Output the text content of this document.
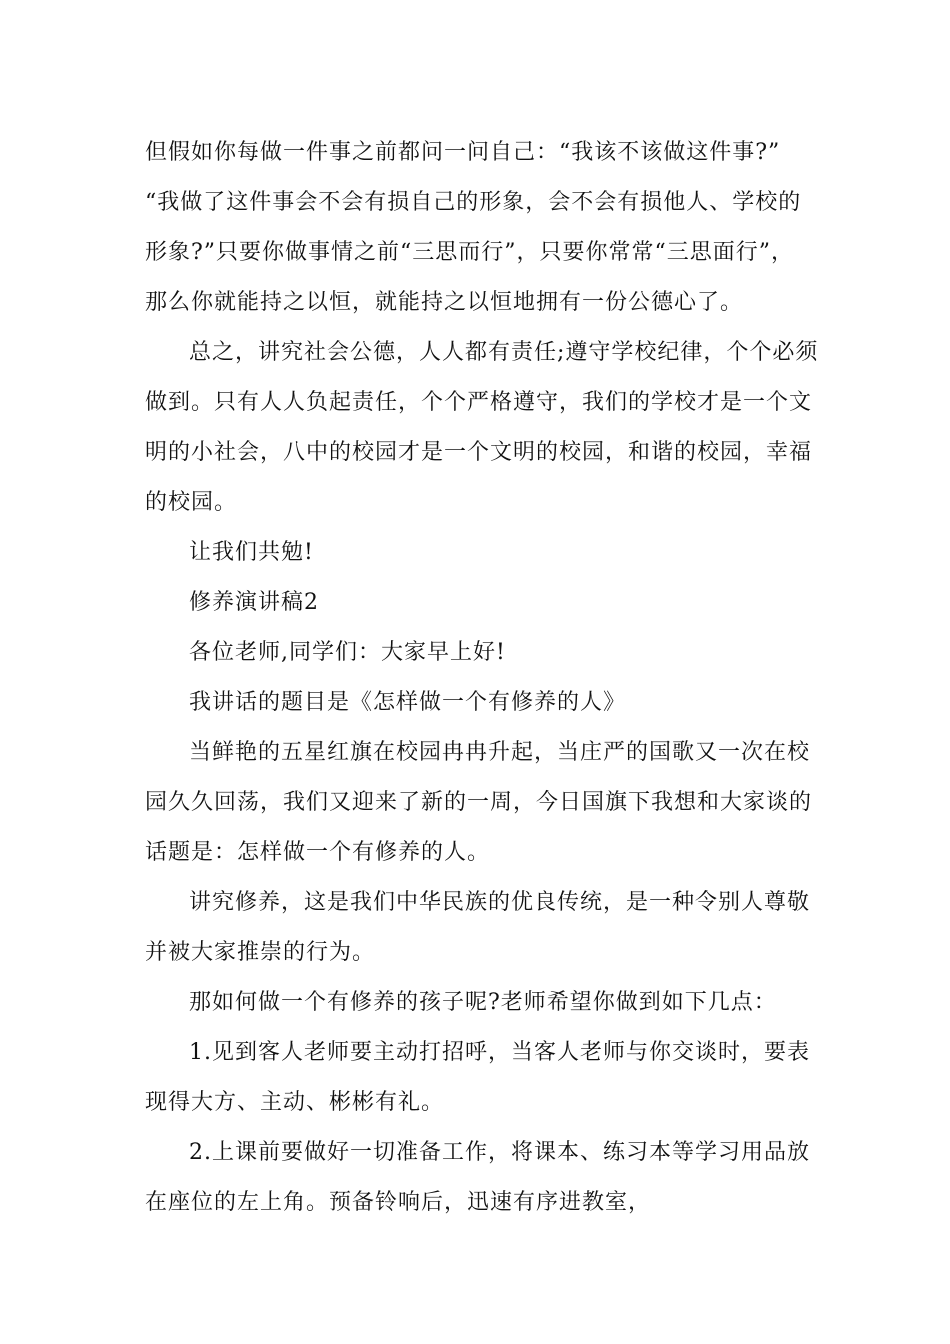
但假如你每做一件事之前都问一问自己：“我该不该做这件事?”
“我做了这件事会不会有损自己的形象，会不会有损他人、学校的
形象?”只要你做事情之前“三思而行”，只要你常常“三思面行”，
那么你就能持之以恒，就能持之以恒地拥有一份公德心了。
总之，讲究社会公德，人人都有责任;遵守学校纪律，个个必须
做到。只有人人负起责任，个个严格遵守，我们的学校才是一个文
明的小社会，八中的校园才是一个文明的校园，和谐的校园，幸福
的校园。
让我们共勉!
修养演讲稿2
各位老师,同学们：大家早上好!
我讲话的题目是《怎样做一个有修养的人》
当鲜艳的五星红旗在校园冉冉升起，当庄严的国歌又一次在校
园久久回荡，我们又迎来了新的一周，今日国旗下我想和大家谈的
话题是：怎样做一个有修养的人。
讲究修养，这是我们中华民族的优良传统，是一种令别人尊敬
并被大家推崇的行为。
那如何做一个有修养的孩子呢?老师希望你做到如下几点：
1.见到客人老师要主动打招呼，当客人老师与你交谈时，要表
现得大方、主动、彬彬有礼。
2.上课前要做好一切准备工作，将课本、练习本等学习用品放
在座位的左上角。预备铃响后，迅速有序进教室，
